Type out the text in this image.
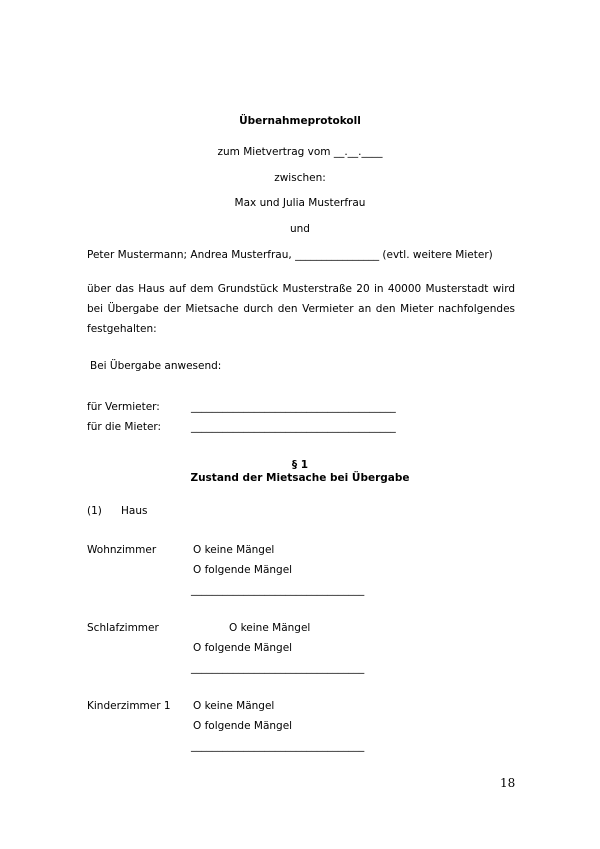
Übernahmeprotokoll
zum Mietvertrag vom __.__.____
zwischen:
Max und Julia Musterfrau
und
Peter Mustermann; Andrea Musterfrau, ________________ (evtl. weitere Mieter)
über das Haus auf dem Grundstück Musterstraße 20 in 40000 Musterstadt wird bei Übergabe der Mietsache durch den Vermieter an den Mieter nachfolgendes festgehalten:
Bei Übergabe anwesend:
für Vermieter:	_______________________________________
für die Mieter:	_______________________________________
§ 1
Zustand der Mietsache bei Übergabe
(1) Haus
Wohnzimmer	O keine Mängel
O folgende Mängel
_________________________________
Schlafzimmer	O keine Mängel
O folgende Mängel
_________________________________
Kinderzimmer 1 O keine Mängel
O folgende Mängel
_________________________________
18
